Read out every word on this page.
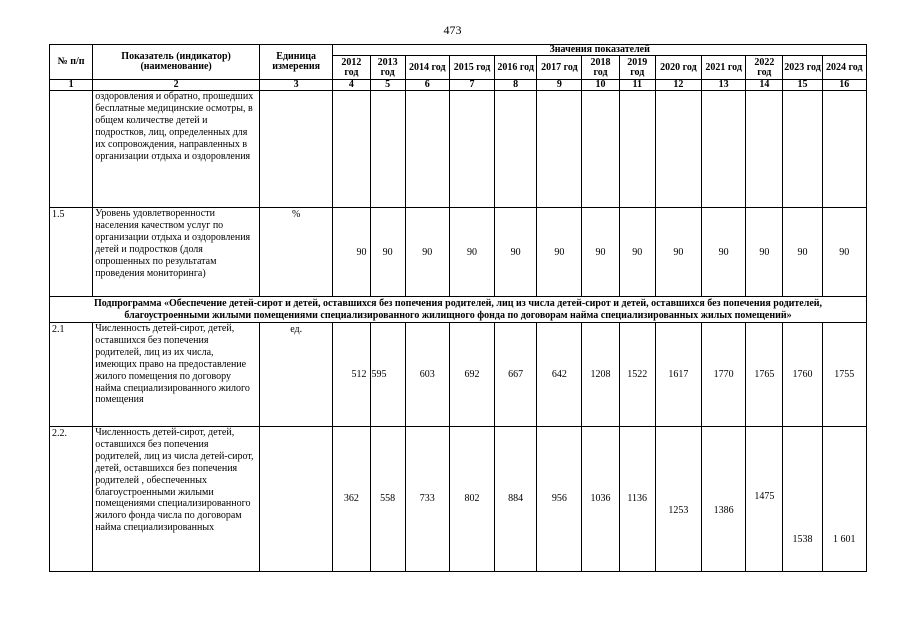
473
№ п/п	Показатель (индикатор) (наименование)	Единица измерения	Значения показателей												
			2012 год	2013 год	2014 год	2015 год	2016 год	2017 год	2018 год	2019 год	2020 год	2021 год	2022 год	2023 год	2024 год
1	2	3	4	5	6	7	8	9	10	11	12	13	14	15	16
	оздоровления и обратно, прошедших бесплатные медицинские осмотры, в общем количестве детей и подростков, лиц, определенных для их сопровождения, направленных в организации отдыха и оздоровления														
1.5	Уровень удовлетворенности населения качеством услуг по организации отдыха и оздоровления детей и подростков (доля опрошенных по результатам проведения мониторинга)	%	90	90	90	90	90	90	90	90	90	90	90	90	90
Подпрограмма «Обеспечение детей-сирот и детей, оставшихся без попечения родителей, лиц из числа детей-сирот и детей, оставшихся без попечения родителей, благоустроенными жилыми помещениями специализированного жилищного фонда по договорам найма специализированных жилых помещений»															
2.1	Численность детей-сирот, детей, оставшихся без попечения родителей, лиц из их числа, имеющих право на предоставление жилого помещения по договору найма специализированного жилого помещения	ед.	512	595	603	692	667	642	1208	1522	1617	1770	1765	1760	1755
2.2.	Численность детей-сирот, детей, оставшихся без попечения родителей, лиц из числа детей-сирот, детей, оставшихся без попечения родителей , обеспеченных благоустроенными жилыми помещениями специализированного жилого фонда числа по договорам найма специализированных		362	558	733	802	884	956	1036	1136	1253	1386	1475	1538	1 601
